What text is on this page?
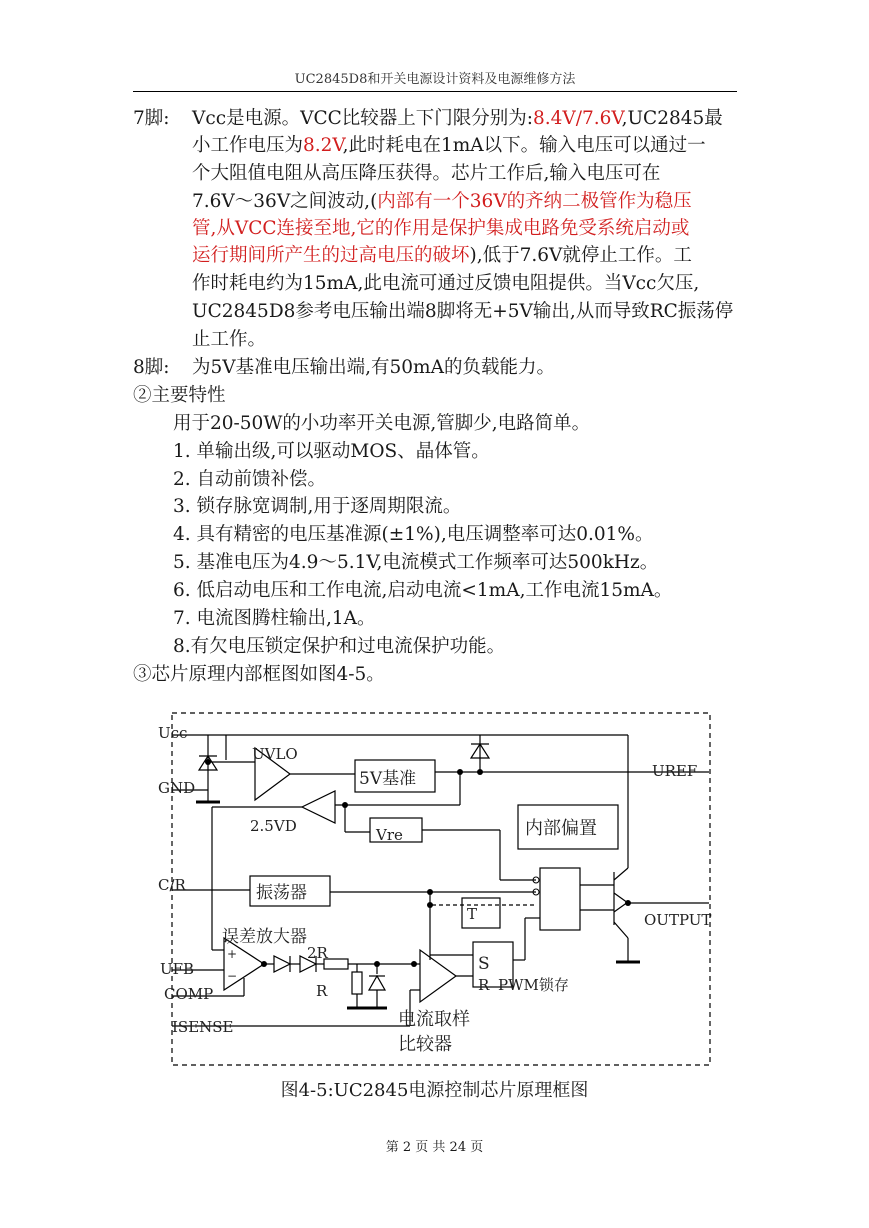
UC2845D8和开关电源设计资料及电源维修方法
7脚: Vcc是电源。VCC比较器上下门限分别为:8.4V/7.6V,UC2845最
小工作电压为8.2V,此时耗电在1mA以下。输入电压可以通过一
个大阻值电阻从高压降压获得。芯片工作后,输入电压可在
7.6V～36V之间波动,(内部有一个36V的齐纳二极管作为稳压
管,从VCC连接至地,它的作用是保护集成电路免受系统启动或
运行期间所产生的过高电压的破坏),低于7.6V就停止工作。工
作时耗电约为15mA,此电流可通过反馈电阻提供。当Vcc欠压,
UC2845D8参考电压输出端8脚将无+5V输出,从而导致RC振荡停
止工作。
8脚: 为5V基准电压输出端,有50mA的负载能力。
②主要特性
用于20-50W的小功率开关电源,管脚少,电路简单。
1. 单输出级,可以驱动MOS、晶体管。
2. 自动前馈补偿。
3. 锁存脉宽调制,用于逐周期限流。
4. 具有精密的电压基准源(±1%),电压调整率可达0.01%。
5. 基准电压为4.9～5.1V,电流模式工作频率可达500kHz。
6. 低启动电压和工作电流,启动电流<1mA,工作电流15mA。
7. 电流图腾柱输出,1A。
8.有欠电压锁定保护和过电流保护功能。
③芯片原理内部框图如图4-5。
Ucc
GND
UVLO
5V基准	UREF
2.5VD	Vre	内部偏置
C/R	振荡器
T	OUTPUT
误差放大器
UFB
COMP
+
−
2R
R
S
R PWM锁存
ISENSE	电流取样
比较器
图4-5:UC2845电源控制芯片原理框图
第 2 页 共 24 页
